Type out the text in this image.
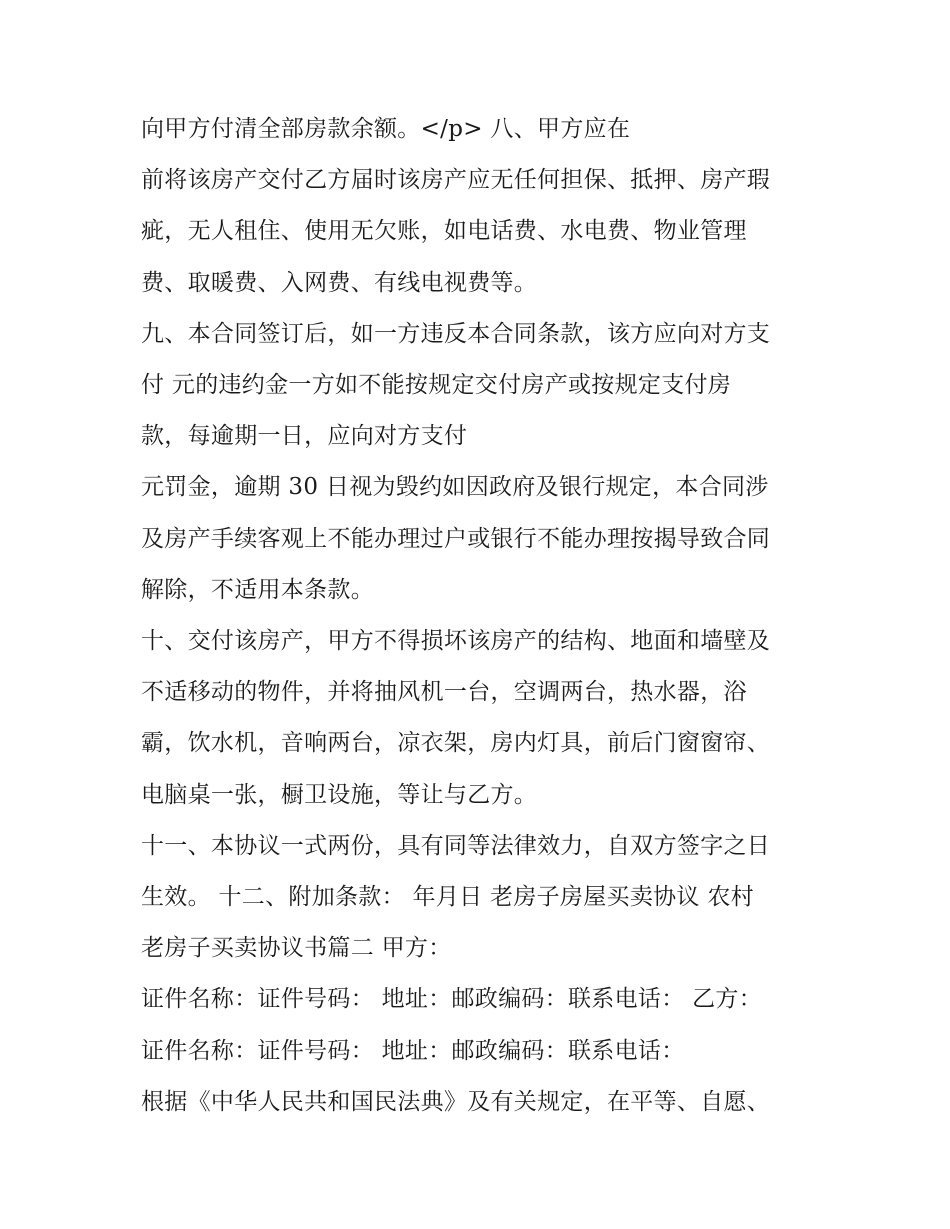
向甲方付清全部房款余额。</p> 八、甲方应在
前将该房产交付乙方届时该房产应无任何担保、抵押、房产瑕
疵，无人租住、使用无欠账，如电话费、水电费、物业管理
费、取暖费、入网费、有线电视费等。
九、本合同签订后，如一方违反本合同条款，该方应向对方支
付 元的违约金一方如不能按规定交付房产或按规定支付房
款，每逾期一日，应向对方支付
元罚金，逾期 30 日视为毁约如因政府及银行规定，本合同涉
及房产手续客观上不能办理过户或银行不能办理按揭导致合同
解除，不适用本条款。
十、交付该房产，甲方不得损坏该房产的结构、地面和墙壁及
不适移动的物件，并将抽风机一台，空调两台，热水器，浴
霸，饮水机，音响两台，凉衣架，房内灯具，前后门窗窗帘、
电脑桌一张，橱卫设施，等让与乙方。
十一、本协议一式两份，具有同等法律效力，自双方签字之日
生效。 十二、附加条款： 年月日 老房子房屋买卖协议 农村
老房子买卖协议书篇二 甲方：
证件名称：证件号码： 地址：邮政编码：联系电话： 乙方：
证件名称：证件号码： 地址：邮政编码：联系电话：
根据《中华人民共和国民法典》及有关规定，在平等、自愿、
